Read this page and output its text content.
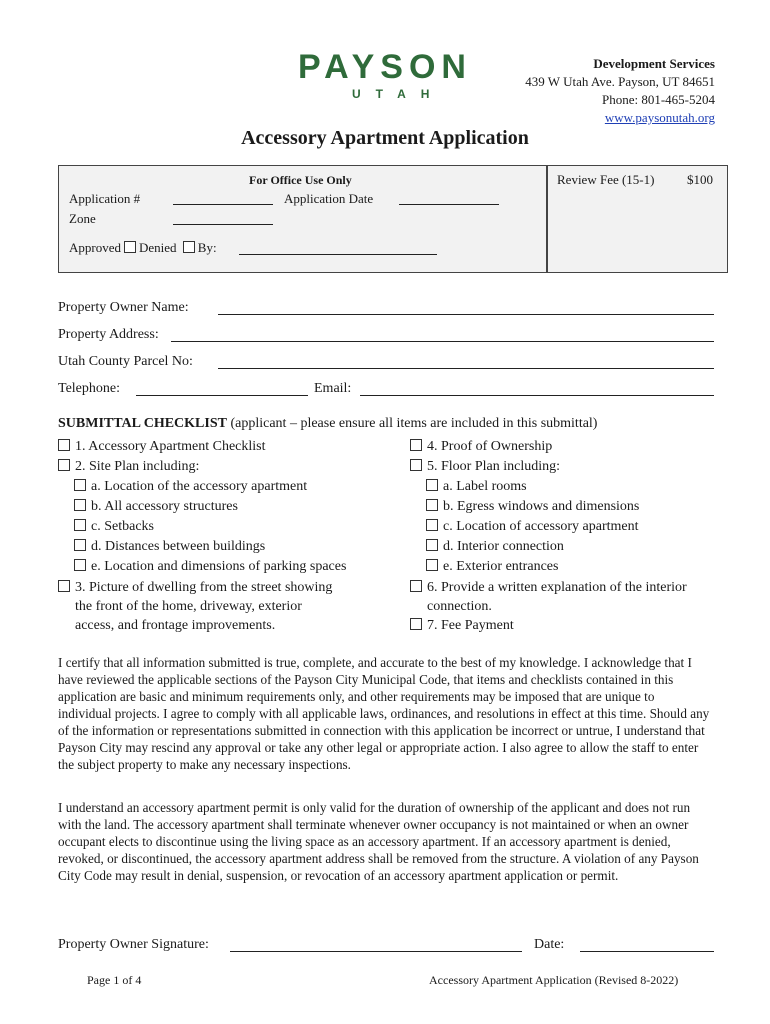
PAYSON
UTAH
Development Services
439 W Utah Ave. Payson, UT 84651
Phone: 801-465-5204
www.paysonutah.org
Accessory Apartment Application
For Office Use Only
Application #	Application Date
Zone
Approved Denied By:
Review Fee (15-1)	$100
Property Owner Name:
Property Address:
Utah County Parcel No:
Telephone:	Email:
SUBMITTAL CHECKLIST (applicant – please ensure all items are included in this submittal)
1. Accessory Apartment Checklist
2. Site Plan including:
a. Location of the accessory apartment
b. All accessory structures
c. Setbacks
d. Distances between buildings
e. Location and dimensions of parking spaces
3. Picture of dwelling from the street showing
the front of the home, driveway, exterior
access, and frontage improvements.
4. Proof of Ownership
5. Floor Plan including:
a. Label rooms
b. Egress windows and dimensions
c. Location of accessory apartment
d. Interior connection
e. Exterior entrances
6. Provide a written explanation of the interior
connection.
7. Fee Payment
I certify that all information submitted is true, complete, and accurate to the best of my knowledge. I acknowledge that I have reviewed the applicable sections of the Payson City Municipal Code, that items and checklists contained in this application are basic and minimum requirements only, and other requirements may be imposed that are unique to individual projects. I agree to comply with all applicable laws, ordinances, and resolutions in effect at this time. Should any of the information or representations submitted in connection with this application be incorrect or untrue, I understand that Payson City may rescind any approval or take any other legal or appropriate action. I also agree to allow the staff to enter the subject property to make any necessary inspections.
I understand an accessory apartment permit is only valid for the duration of ownership of the applicant and does not run with the land. The accessory apartment shall terminate whenever owner occupancy is not maintained or when an owner occupant elects to discontinue using the living space as an accessory apartment. If an accessory apartment is denied, revoked, or discontinued, the accessory apartment address shall be removed from the structure. A violation of any Payson City Code may result in denial, suspension, or revocation of an accessory apartment application or permit.
Property Owner Signature:	Date:
Page 1 of 4	Accessory Apartment Application (Revised 8-2022)
